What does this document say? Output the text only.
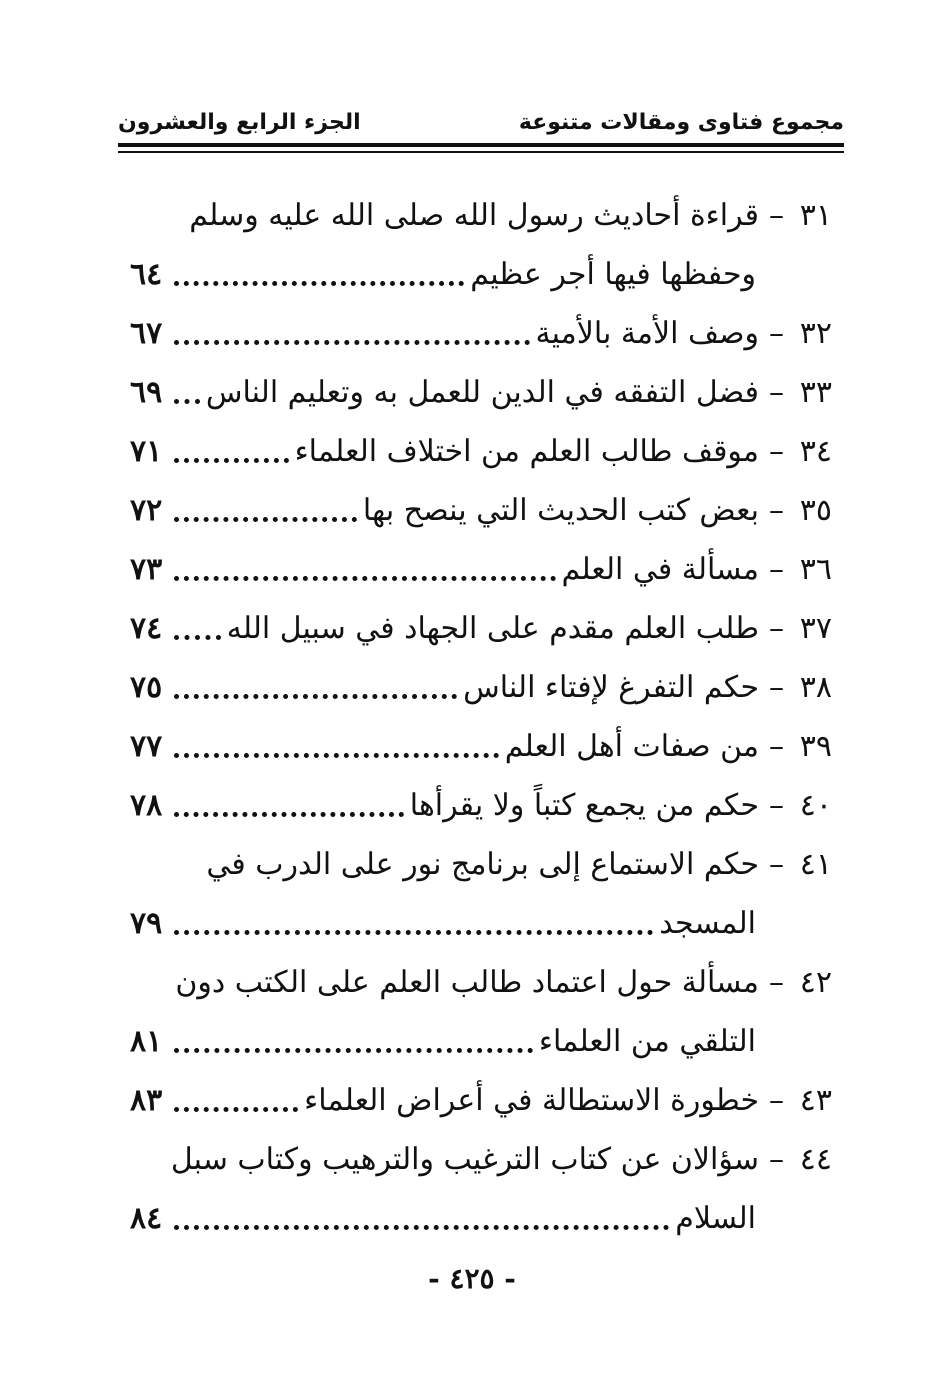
مجموع فتاوى ومقالات متنوعة
الجزء الرابع والعشرون
٣١
–
قراءة أحاديث رسول الله صلى الله عليه وسلم
وحفظها فيها أجر عظيم
٦٤
٣٢
–
وصف الأمة بالأمية
٦٧
٣٣
–
فضل التفقه في الدين للعمل به وتعليم الناس
٦٩
٣٤
–
موقف طالب العلم من اختلاف العلماء
٧١
٣٥
–
بعض كتب الحديث التي ينصح بها
٧٢
٣٦
–
مسألة في العلم
٧٣
٣٧
–
طلب العلم مقدم على الجهاد في سبيل الله
٧٤
٣٨
–
حكم التفرغ لإفتاء الناس
٧٥
٣٩
–
من صفات أهل العلم
٧٧
٤٠
–
حكم من يجمع كتباً ولا يقرأها
٧٨
٤١
–
حكم الاستماع إلى برنامج نور على الدرب في
المسجد
٧٩
٤٢
–
مسألة حول اعتماد طالب العلم على الكتب دون
التلقي من العلماء
٨١
٤٣
–
خطورة الاستطالة في أعراض العلماء
٨٣
٤٤
–
سؤالان عن كتاب الترغيب والترهيب وكتاب سبل
السلام
٨٤
- ٤٢٥ -
